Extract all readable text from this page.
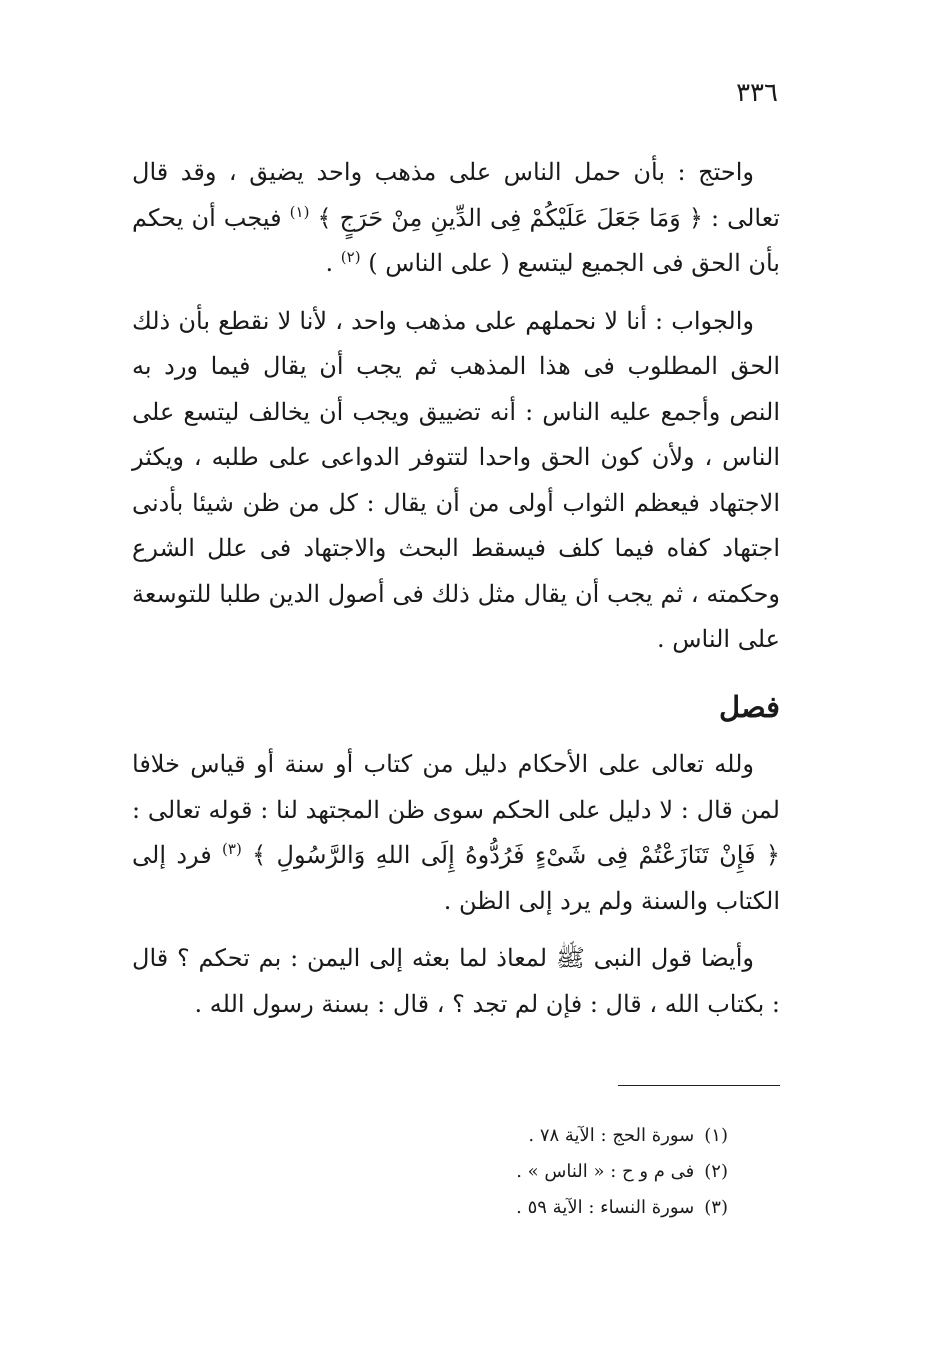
٣٣٦

واحتج : بأن حمل الناس على مذهب واحد يضيق ، وقد قال تعالى : ﴿ وَمَا جَعَلَ عَلَيْكُمْ فِى الدِّينِ مِنْ حَرَجٍ ﴾ $^{(١)}$ فيجب أن يحكم بأن الحق فى الجميع ليتسع ( على الناس ) $^{(٢)}$ .

والجواب : أنا لا نحملهم على مذهب واحد ، لأنا لا نقطع بأن ذلك الحق المطلوب فى هذا المذهب ثم يجب أن يقال فيما ورد به النص وأجمع عليه الناس : أنه تضييق ويجب أن يخالف ليتسع على الناس ، ولأن كون الحق واحدا لتتوفر الدواعى على طلبه ، ويكثر الاجتهاد فيعظم الثواب أولى من أن يقال : كل من ظن شيئا بأدنى اجتهاد كفاه فيما كلف فيسقط البحث والاجتهاد فى علل الشرع وحكمته ، ثم يجب أن يقال مثل ذلك فى أصول الدين طلبا للتوسعة على الناس .

فصل

ولله تعالى على الأحكام دليل من كتاب أو سنة أو قياس خلافا لمن قال : لا دليل على الحكم سوى ظن المجتهد لنا : قوله تعالى : ﴿ فَإِنْ تَنَازَعْتُمْ فِى شَىْءٍ فَرُدُّوهُ إِلَى اللهِ وَالرَّسُولِ ﴾ $^{(٣)}$ فرد إلى الكتاب والسنة ولم يرد إلى الظن .

وأيضا قول النبى ﷺ لمعاذ لما بعثه إلى اليمن : بم تحكم ؟ قال : بكتاب الله ، قال : فإن لم تجد ؟ ، قال : بسنة رسول الله .

(١)
سورة الحج : الآية ٧٨ .
(٢)
فى م و ح : « الناس » .
(٣)
سورة النساء : الآية ٥٩ .
